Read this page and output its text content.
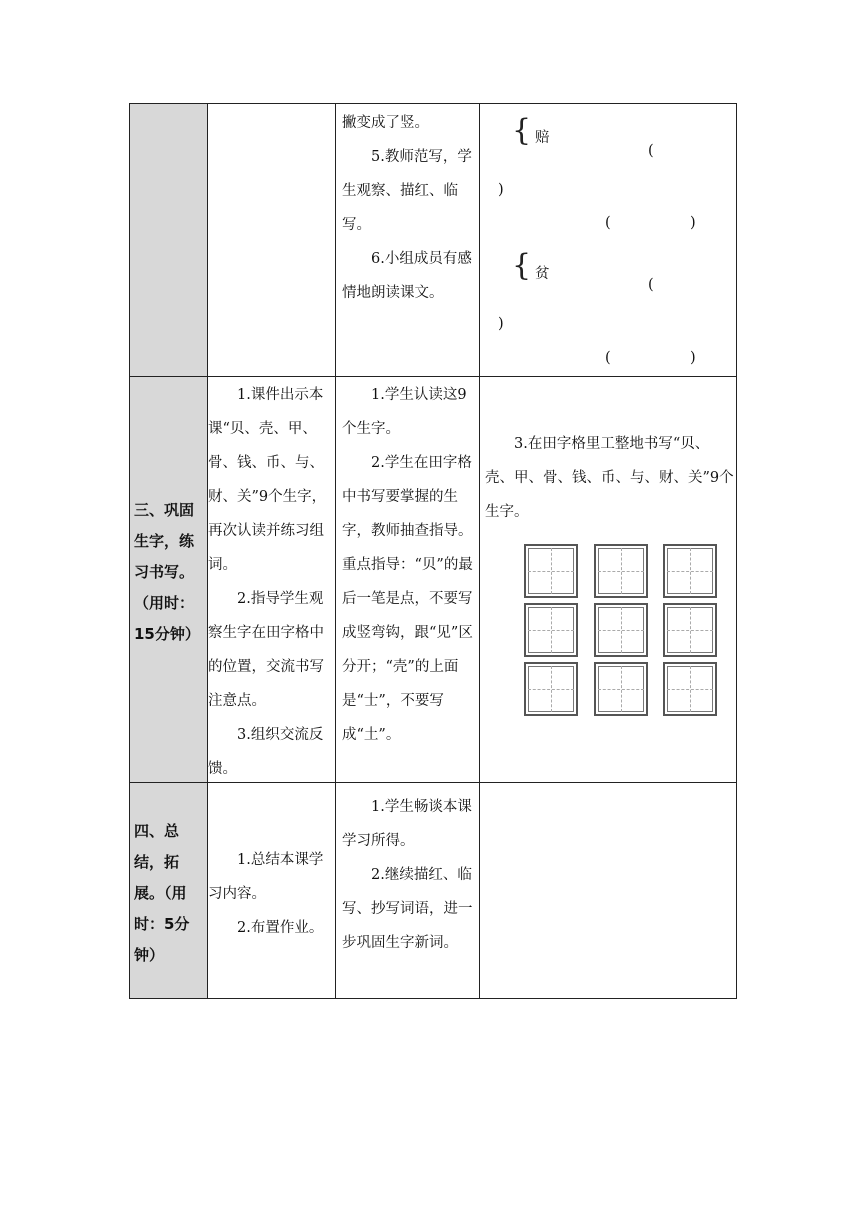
撇变成了竖。

5.教师范写，学生观察、描红、临写。

6.小组成员有感情地朗读课文。

{ 赔
(
)
(	)
{ 贫
(
)
(	)
三、巩固生字，练习书写。（用时：15分钟）

1.课件出示本课“贝、壳、甲、骨、钱、币、与、财、关”9个生字，再次认读并练习组词。

2.指导学生观察生字在田字格中的位置，交流书写注意点。

3.组织交流反馈。

1.学生认读这9个生字。

2.学生在田字格中书写要掌握的生字，教师抽查指导。重点指导：“贝”的最后一笔是点，不要写成竖弯钩，跟“见”区分开；“壳”的上面是“士”，不要写成“土”。

3.在田字格里工整地书写“贝、壳、甲、骨、钱、币、与、财、关”9个生字。

四、总结，拓展。（用时：5分钟）

1.总结本课学习内容。

2.布置作业。

1.学生畅谈本课学习所得。

2.继续描红、临写、抄写词语，进一步巩固生字新词。
